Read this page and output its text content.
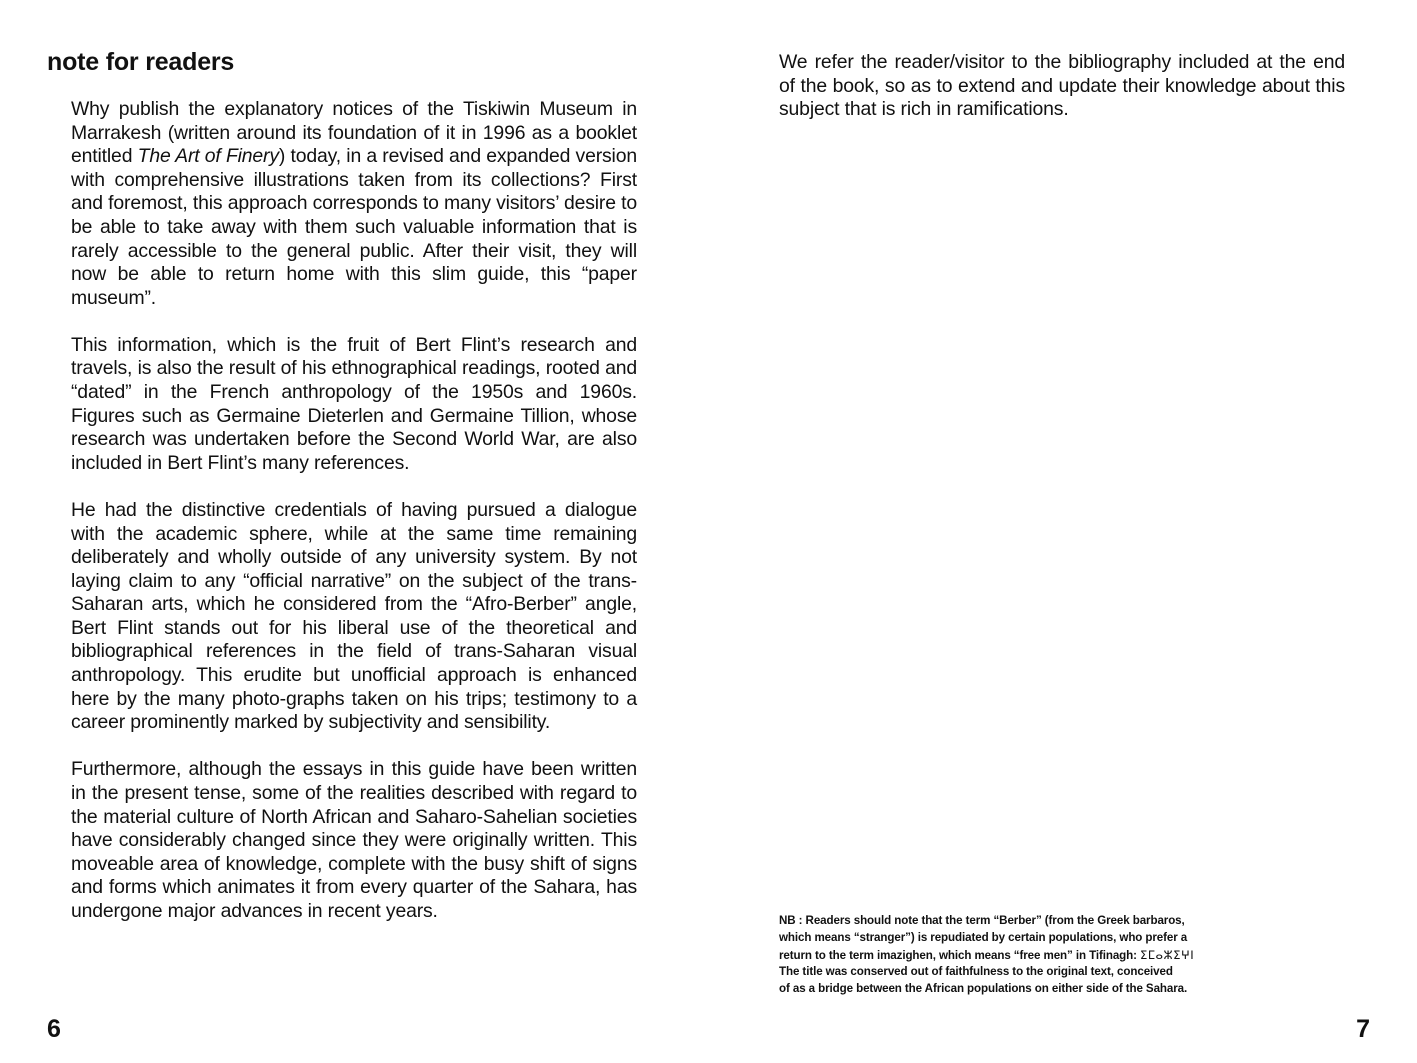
note for readers

Why publish the explanatory notices of the Tiskiwin Museum in Marrakesh (written around its foundation of it in 1996 as a booklet entitled The Art of Finery) today, in a revised and expanded version with comprehensive illustrations taken from its collections? First and foremost, this approach corresponds to many visitors’ desire to be able to take away with them such valuable information that is rarely accessible to the general public. After their visit, they will now be able to return home with this slim guide, this “paper museum”.

This information, which is the fruit of Bert Flint’s research and travels, is also the result of his ethnographical readings, rooted and “dated” in the French anthropology of the 1950s and 1960s. Figures such as Germaine Dieterlen and Germaine Tillion, whose research was undertaken before the Second World War, are also included in Bert Flint’s many references.

He had the distinctive credentials of having pursued a dialogue with the academic sphere, while at the same time remaining deliberately and wholly outside of any university system. By not laying claim to any “official narrative” on the subject of the trans-Saharan arts, which he considered from the “Afro-Berber” angle, Bert Flint stands out for his liberal use of the theoretical and bibliographical references in the field of trans-Saharan visual anthropology. This erudite but unofficial approach is enhanced here by the many photo-graphs taken on his trips; testimony to a career prominently marked by subjectivity and sensibility.

Furthermore, although the essays in this guide have been written in the present tense, some of the realities described with regard to the material culture of North African and Saharo-Sahelian societies have considerably changed since they were originally written. This moveable area of knowledge, complete with the busy shift of signs and forms which animates it from every quarter of the Sahara, has undergone major advances in recent years.

6

We refer the reader/visitor to the bibliography included at the end of the book, so as to extend and update their knowledge about this subject that is rich in ramifications.

NB : Readers should note that the term “Berber” (from the Greek barbaros,
which means “stranger”) is repudiated by certain populations, who prefer a
return to the term imazighen, which means “free men” in Tifinagh: ⵉⵎⴰⵣⵉⵖⵏ
The title was conserved out of faithfulness to the original text, conceived
of as a bridge between the African populations on either side of the Sahara.

7
